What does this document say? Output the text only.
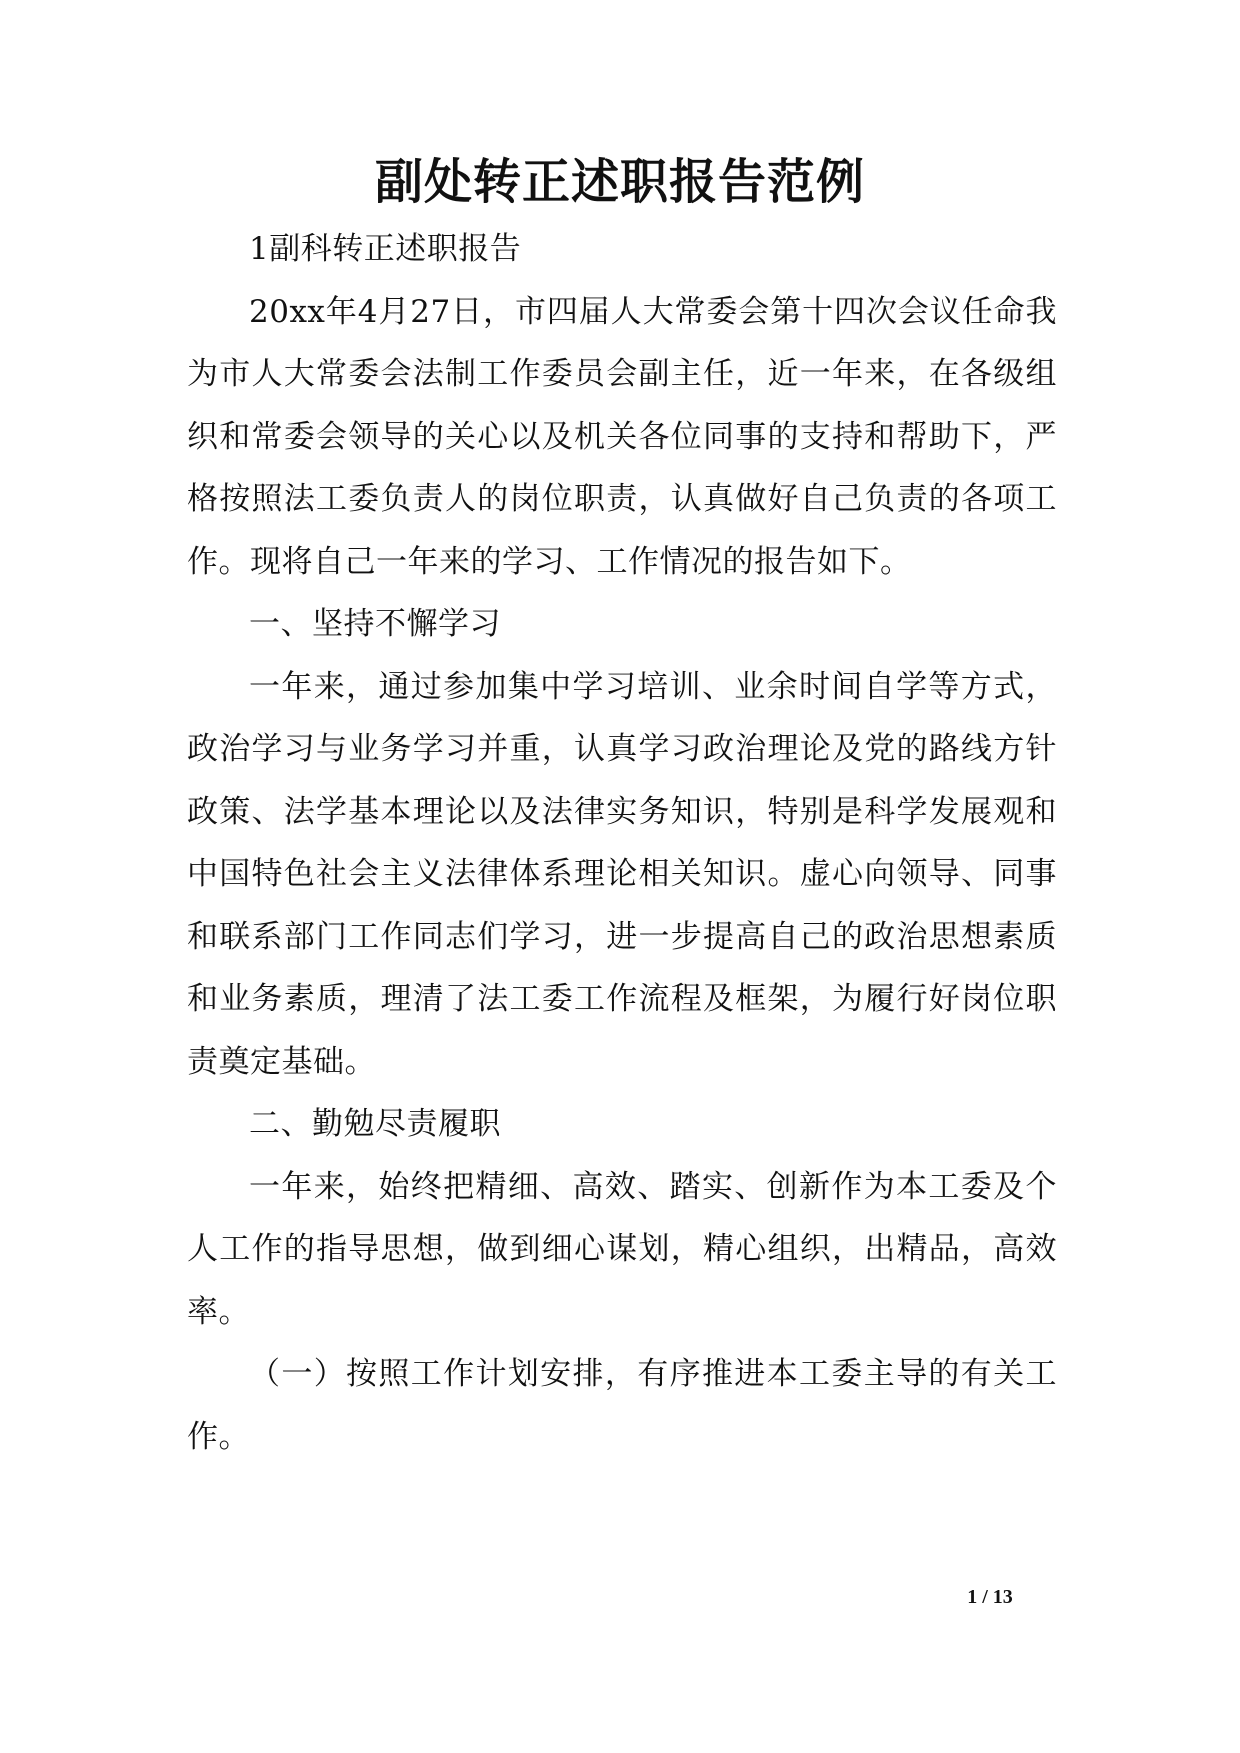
副处转正述职报告范例

1副科转正述职报告

20xx年4月27日，市四届人大常委会第十四次会议任命我为市人大常委会法制工作委员会副主任，近一年来，在各级组织和常委会领导的关心以及机关各位同事的支持和帮助下，严格按照法工委负责人的岗位职责，认真做好自己负责的各项工作。现将自己一年来的学习、工作情况的报告如下。

一、坚持不懈学习

一年来，通过参加集中学习培训、业余时间自学等方式，政治学习与业务学习并重，认真学习政治理论及党的路线方针政策、法学基本理论以及法律实务知识，特别是科学发展观和中国特色社会主义法律体系理论相关知识。虚心向领导、同事和联系部门工作同志们学习，进一步提高自己的政治思想素质和业务素质，理清了法工委工作流程及框架，为履行好岗位职责奠定基础。

二、勤勉尽责履职

一年来，始终把精细、高效、踏实、创新作为本工委及个人工作的指导思想，做到细心谋划，精心组织，出精品，高效率。

（一）按照工作计划安排，有序推进本工委主导的有关工作。

1 / 13
